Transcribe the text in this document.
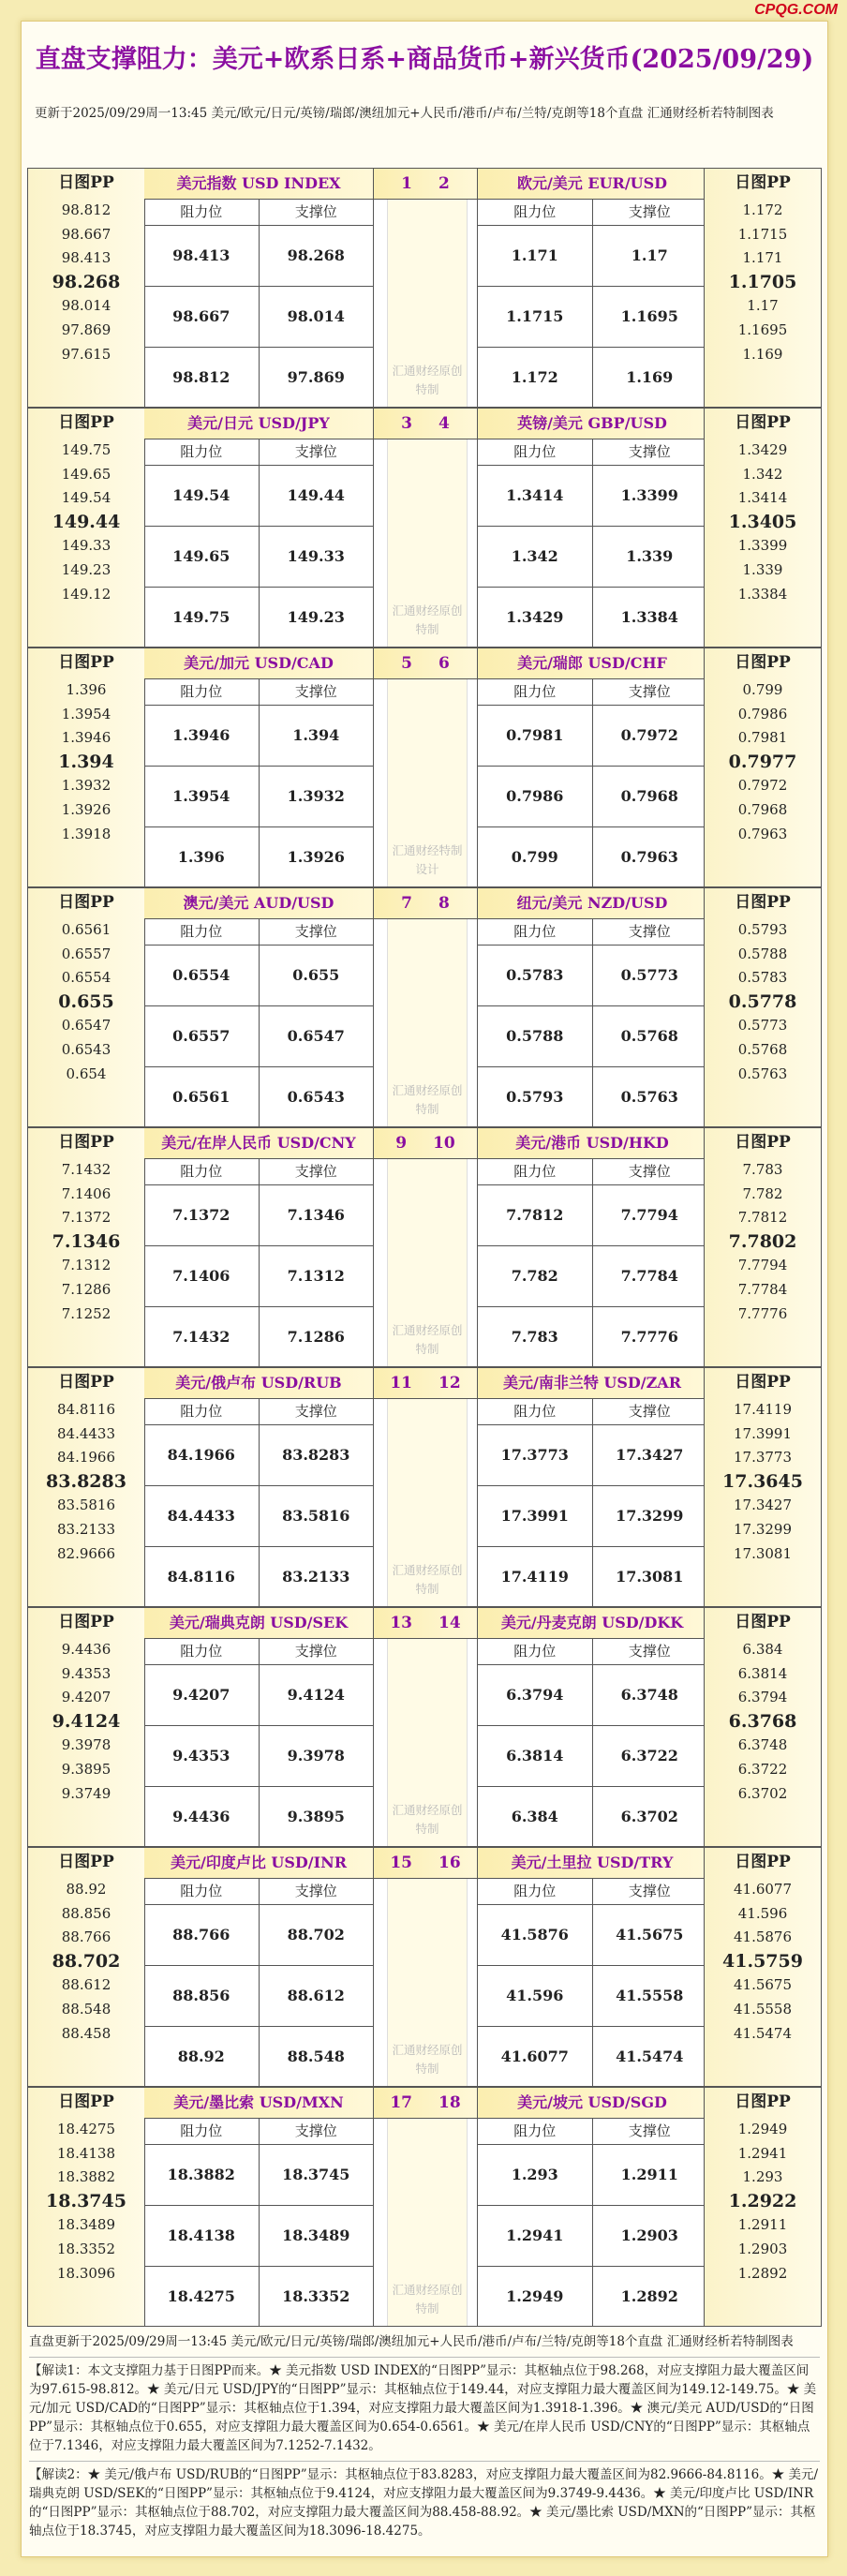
CPQG.COM
直盘支撑阻力：美元+欧系日系+商品货币+新兴货币(2025/09/29)
更新于2025/09/29周一13:45 美元/欧元/日元/英镑/瑞郎/澳纽加元+人民币/港币/卢布/兰特/克朗等18个直盘 汇通财经析若特制图表
日图PP
98.812
98.667
98.413
98.268
98.014
97.869
97.615
美元指数 USD INDEX
阻力位	支撑位
98.413	98.268
98.667	98.014
98.812	97.869
1 2
汇通财经原创特制
欧元/美元 EUR/USD
阻力位	支撑位
1.171	1.17
1.1715	1.1695
1.172	1.169
日图PP
1.172
1.1715
1.171
1.1705
1.17
1.1695
1.169
日图PP
149.75
149.65
149.54
149.44
149.33
149.23
149.12
美元/日元 USD/JPY
阻力位	支撑位
149.54	149.44
149.65	149.33
149.75	149.23
3 4
汇通财经原创特制
英镑/美元 GBP/USD
阻力位	支撑位
1.3414	1.3399
1.342	1.339
1.3429	1.3384
日图PP
1.3429
1.342
1.3414
1.3405
1.3399
1.339
1.3384
日图PP
1.396
1.3954
1.3946
1.394
1.3932
1.3926
1.3918
美元/加元 USD/CAD
阻力位	支撑位
1.3946	1.394
1.3954	1.3932
1.396	1.3926
5 6
汇通财经特制设计
美元/瑞郎 USD/CHF
阻力位	支撑位
0.7981	0.7972
0.7986	0.7968
0.799	0.7963
日图PP
0.799
0.7986
0.7981
0.7977
0.7972
0.7968
0.7963
日图PP
0.6561
0.6557
0.6554
0.655
0.6547
0.6543
0.654
澳元/美元 AUD/USD
阻力位	支撑位
0.6554	0.655
0.6557	0.6547
0.6561	0.6543
7 8
汇通财经原创特制
纽元/美元 NZD/USD
阻力位	支撑位
0.5783	0.5773
0.5788	0.5768
0.5793	0.5763
日图PP
0.5793
0.5788
0.5783
0.5778
0.5773
0.5768
0.5763
日图PP
7.1432
7.1406
7.1372
7.1346
7.1312
7.1286
7.1252
美元/在岸人民币 USD/CNY
阻力位	支撑位
7.1372	7.1346
7.1406	7.1312
7.1432	7.1286
9 10
汇通财经原创特制
美元/港币 USD/HKD
阻力位	支撑位
7.7812	7.7794
7.782	7.7784
7.783	7.7776
日图PP
7.783
7.782
7.7812
7.7802
7.7794
7.7784
7.7776
日图PP
84.8116
84.4433
84.1966
83.8283
83.5816
83.2133
82.9666
美元/俄卢布 USD/RUB
阻力位	支撑位
84.1966	83.8283
84.4433	83.5816
84.8116	83.2133
11 12
汇通财经原创特制
美元/南非兰特 USD/ZAR
阻力位	支撑位
17.3773	17.3427
17.3991	17.3299
17.4119	17.3081
日图PP
17.4119
17.3991
17.3773
17.3645
17.3427
17.3299
17.3081
日图PP
9.4436
9.4353
9.4207
9.4124
9.3978
9.3895
9.3749
美元/瑞典克朗 USD/SEK
阻力位	支撑位
9.4207	9.4124
9.4353	9.3978
9.4436	9.3895
13 14
汇通财经原创特制
美元/丹麦克朗 USD/DKK
阻力位	支撑位
6.3794	6.3748
6.3814	6.3722
6.384	6.3702
日图PP
6.384
6.3814
6.3794
6.3768
6.3748
6.3722
6.3702
日图PP
88.92
88.856
88.766
88.702
88.612
88.548
88.458
美元/印度卢比 USD/INR
阻力位	支撑位
88.766	88.702
88.856	88.612
88.92	88.548
15 16
汇通财经原创特制
美元/土里拉 USD/TRY
阻力位	支撑位
41.5876	41.5675
41.596	41.5558
41.6077	41.5474
日图PP
41.6077
41.596
41.5876
41.5759
41.5675
41.5558
41.5474
日图PP
18.4275
18.4138
18.3882
18.3745
18.3489
18.3352
18.3096
美元/墨比索 USD/MXN
阻力位	支撑位
18.3882	18.3745
18.4138	18.3489
18.4275	18.3352
17 18
汇通财经原创特制
美元/坡元 USD/SGD
阻力位	支撑位
1.293	1.2911
1.2941	1.2903
1.2949	1.2892
日图PP
1.2949
1.2941
1.293
1.2922
1.2911
1.2903
1.2892

直盘更新于2025/09/29周一13:45 美元/欧元/日元/英镑/瑞郎/澳纽加元+人民币/港币/卢布/兰特/克朗等18个直盘 汇通财经析若特制图表

【解读1：本文支撑阻力基于日图PP而来。★ 美元指数 USD INDEX的“日图PP”显示：其枢轴点位于98.268，对应支撑阻力最大覆盖区间为97.615-98.812。★ 美元/日元 USD/JPY的“日图PP”显示：其枢轴点位于149.44，对应支撑阻力最大覆盖区间为149.12-149.75。★ 美元/加元 USD/CAD的“日图PP”显示：其枢轴点位于1.394，对应支撑阻力最大覆盖区间为1.3918-1.396。★ 澳元/美元 AUD/USD的“日图PP”显示：其枢轴点位于0.655，对应支撑阻力最大覆盖区间为0.654-0.6561。★ 美元/在岸人民币 USD/CNY的“日图PP”显示：其枢轴点位于7.1346，对应支撑阻力最大覆盖区间为7.1252-7.1432。

【解读2：★ 美元/俄卢布 USD/RUB的“日图PP”显示：其枢轴点位于83.8283，对应支撑阻力最大覆盖区间为82.9666-84.8116。★ 美元/瑞典克朗 USD/SEK的“日图PP”显示：其枢轴点位于9.4124，对应支撑阻力最大覆盖区间为9.3749-9.4436。★ 美元/印度卢比 USD/INR的“日图PP”显示：其枢轴点位于88.702，对应支撑阻力最大覆盖区间为88.458-88.92。★ 美元/墨比索 USD/MXN的“日图PP”显示：其枢轴点位于18.3745，对应支撑阻力最大覆盖区间为18.3096-18.4275。
